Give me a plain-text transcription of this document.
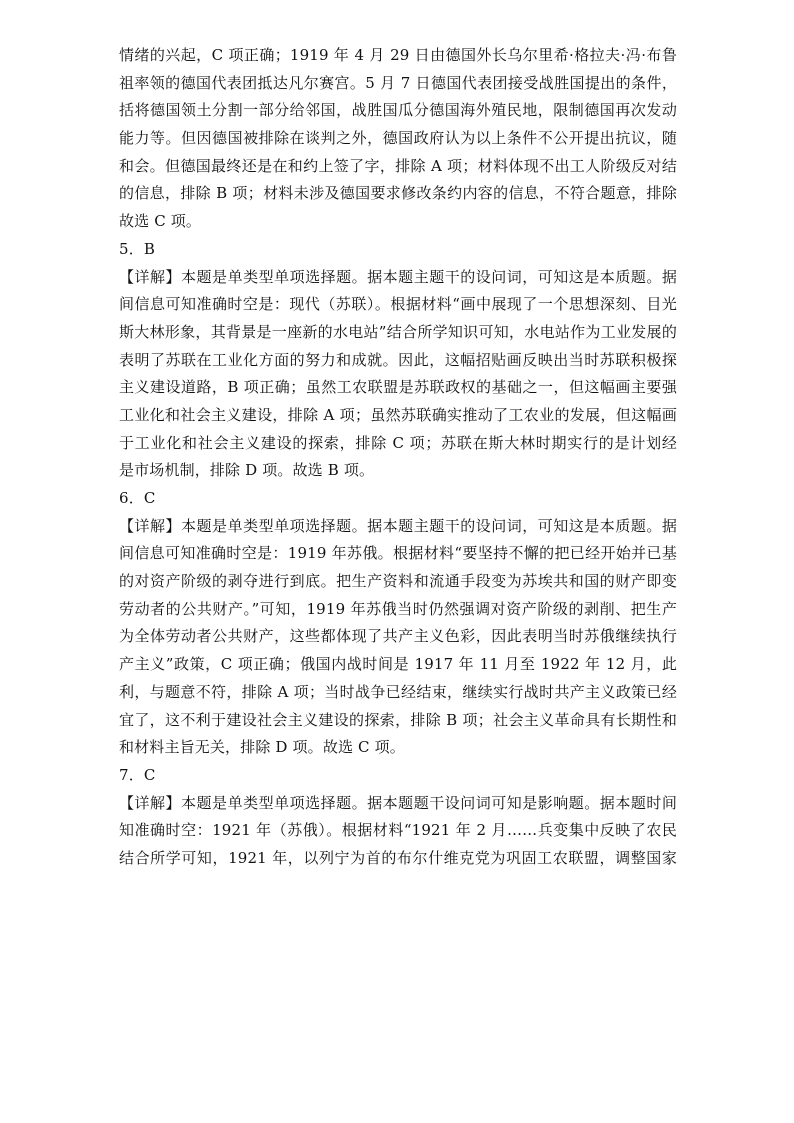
情绪的兴起，C 项正确；1919 年 4 月 29 日由德国外长乌尔里希·格拉夫·冯·布鲁
祖率领的德国代表团抵达凡尔赛宫。5 月 7 日德国代表团接受战胜国提出的条件，
括将德国领土分割一部分给邻国，战胜国瓜分德国海外殖民地，限制德国再次发动
能力等。但因德国被排除在谈判之外，德国政府认为以上条件不公开提出抗议，随
和会。但德国最终还是在和约上签了字，排除 A 项；材料体现不出工人阶级反对结
的信息，排除 B 项；材料未涉及德国要求修改条约内容的信息，不符合题意，排除
故选 C 项。
5．B
【详解】本题是单类型单项选择题。据本题主题干的设问词，可知这是本质题。据
间信息可知准确时空是：现代（苏联）。根据材料“画中展现了一个思想深刻、目光
斯大林形象，其背景是一座新的水电站”结合所学知识可知，水电站作为工业发展的
表明了苏联在工业化方面的努力和成就。因此，这幅招贴画反映出当时苏联积极探
主义建设道路，B 项正确；虽然工农联盟是苏联政权的基础之一，但这幅画主要强
工业化和社会主义建设，排除 A 项；虽然苏联确实推动了工农业的发展，但这幅画
于工业化和社会主义建设的探索，排除 C 项；苏联在斯大林时期实行的是计划经
是市场机制，排除 D 项。故选 B 项。
6．C
【详解】本题是单类型单项选择题。据本题主题干的设问词，可知这是本质题。据
间信息可知准确时空是：1919 年苏俄。根据材料“要坚持不懈的把已经开始并已基
的对资产阶级的剥夺进行到底。把生产资料和流通手段变为苏埃共和国的财产即变
劳动者的公共财产。”可知，1919 年苏俄当时仍然强调对资产阶级的剥削、把生产
为全体劳动者公共财产，这些都体现了共产主义色彩，因此表明当时苏俄继续执行
产主义”政策，C 项正确；俄国内战时间是 1917 年 11 月至 1922 年 12 月，此
利，与题意不符，排除 A 项；当时战争已经结束，继续实行战时共产主义政策已经
宜了，这不利于建设社会主义建设的探索，排除 B 项；社会主义革命具有长期性和
和材料主旨无关，排除 D 项。故选 C 项。
7．C
【详解】本题是单类型单项选择题。据本题题干设问词可知是影响题。据本题时间
知准确时空：1921 年（苏俄）。根据材料“1921 年 2 月……兵变集中反映了农民
结合所学可知，1921 年，以列宁为首的布尔什维克党为巩固工农联盟，调整国家
